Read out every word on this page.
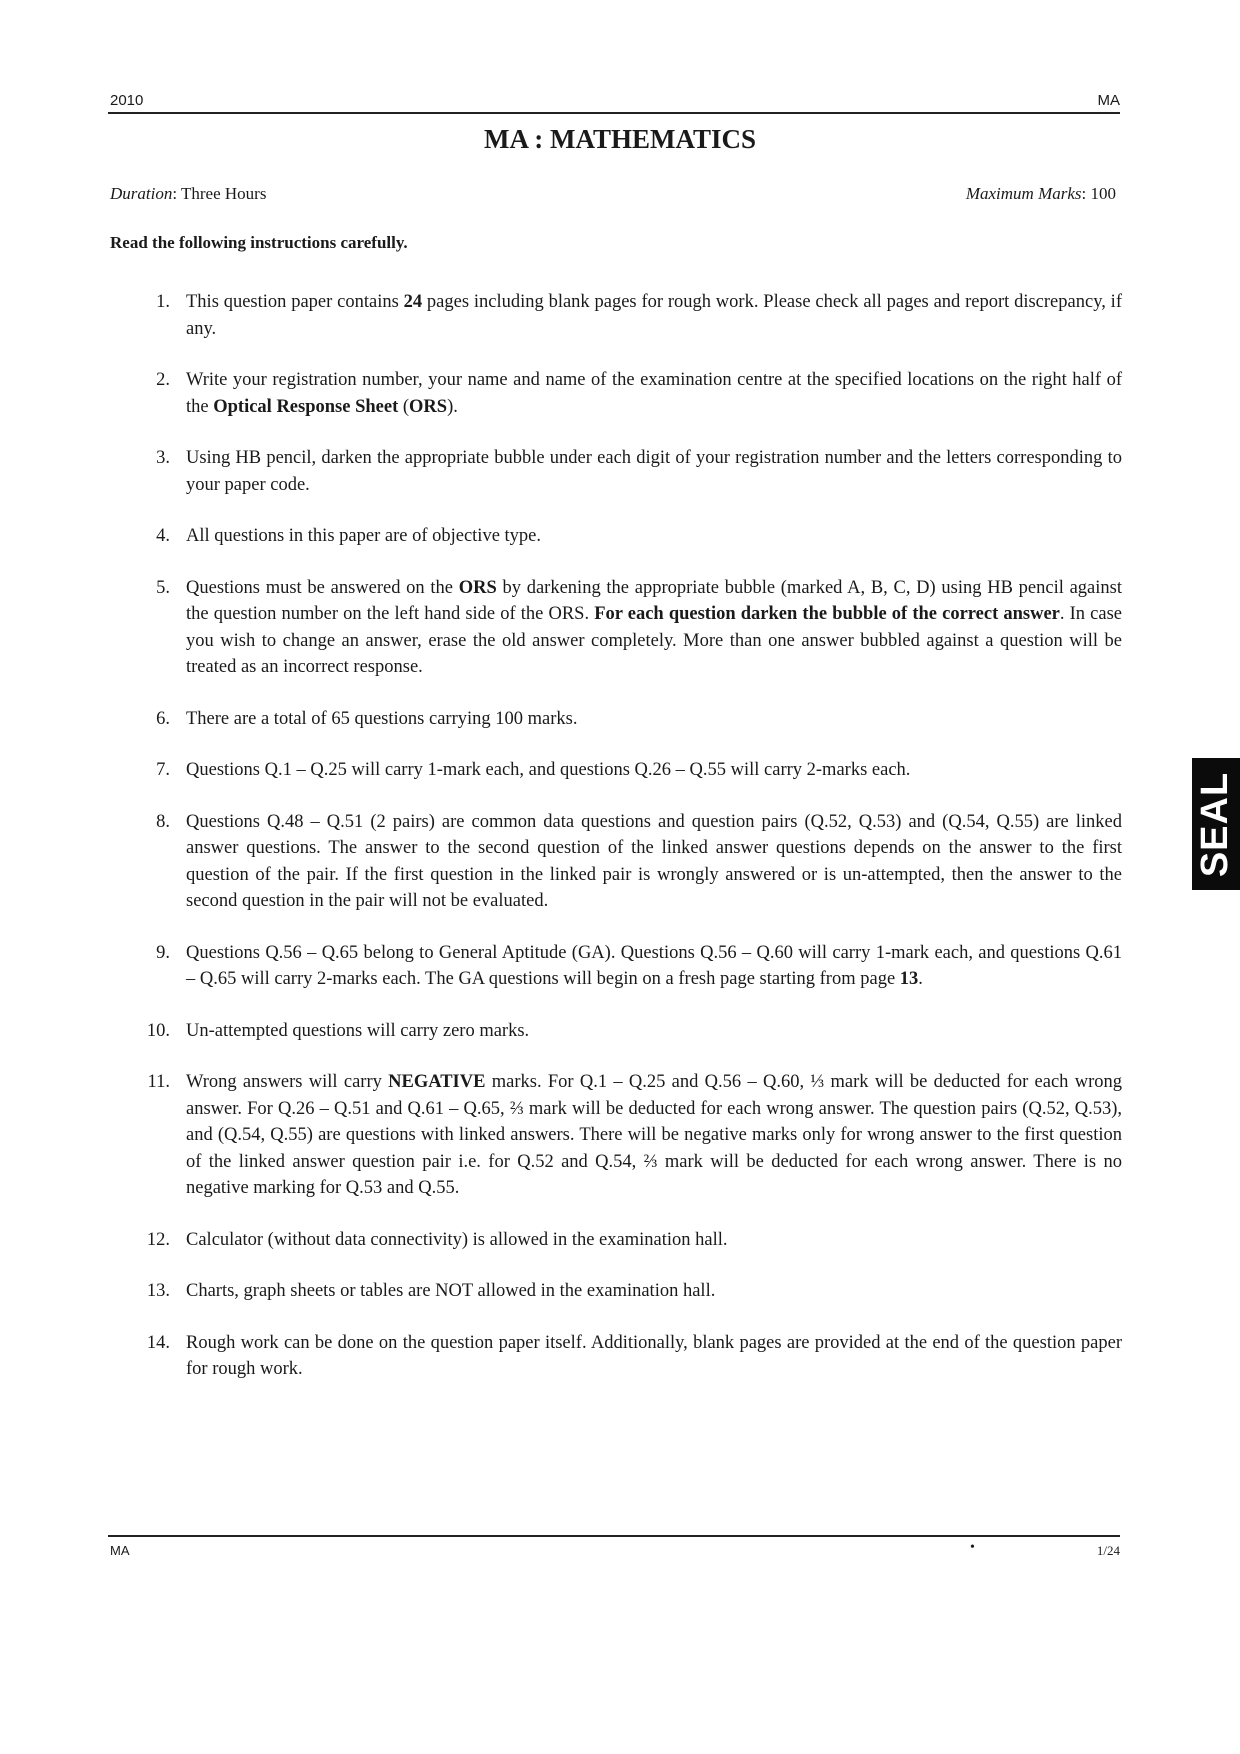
2010	MA
MA : MATHEMATICS
Duration: Three Hours	Maximum Marks: 100
Read the following instructions carefully.
1. This question paper contains 24 pages including blank pages for rough work. Please check all pages and report discrepancy, if any.
2. Write your registration number, your name and name of the examination centre at the specified locations on the right half of the Optical Response Sheet (ORS).
3. Using HB pencil, darken the appropriate bubble under each digit of your registration number and the letters corresponding to your paper code.
4. All questions in this paper are of objective type.
5. Questions must be answered on the ORS by darkening the appropriate bubble (marked A, B, C, D) using HB pencil against the question number on the left hand side of the ORS. For each question darken the bubble of the correct answer. In case you wish to change an answer, erase the old answer completely. More than one answer bubbled against a question will be treated as an incorrect response.
6. There are a total of 65 questions carrying 100 marks.
7. Questions Q.1 – Q.25 will carry 1-mark each, and questions Q.26 – Q.55 will carry 2-marks each.
8. Questions Q.48 – Q.51 (2 pairs) are common data questions and question pairs (Q.52, Q.53) and (Q.54, Q.55) are linked answer questions. The answer to the second question of the linked answer questions depends on the answer to the first question of the pair. If the first question in the linked pair is wrongly answered or is un-attempted, then the answer to the second question in the pair will not be evaluated.
9. Questions Q.56 – Q.65 belong to General Aptitude (GA). Questions Q.56 – Q.60 will carry 1-mark each, and questions Q.61 – Q.65 will carry 2-marks each. The GA questions will begin on a fresh page starting from page 13.
10. Un-attempted questions will carry zero marks.
11. Wrong answers will carry NEGATIVE marks. For Q.1 – Q.25 and Q.56 – Q.60, ⅓ mark will be deducted for each wrong answer. For Q.26 – Q.51 and Q.61 – Q.65, ⅔ mark will be deducted for each wrong answer. The question pairs (Q.52, Q.53), and (Q.54, Q.55) are questions with linked answers. There will be negative marks only for wrong answer to the first question of the linked answer question pair i.e. for Q.52 and Q.54, ⅔ mark will be deducted for each wrong answer. There is no negative marking for Q.53 and Q.55.
12. Calculator (without data connectivity) is allowed in the examination hall.
13. Charts, graph sheets or tables are NOT allowed in the examination hall.
14. Rough work can be done on the question paper itself. Additionally, blank pages are provided at the end of the question paper for rough work.
MA	•	1/24
SEAL
